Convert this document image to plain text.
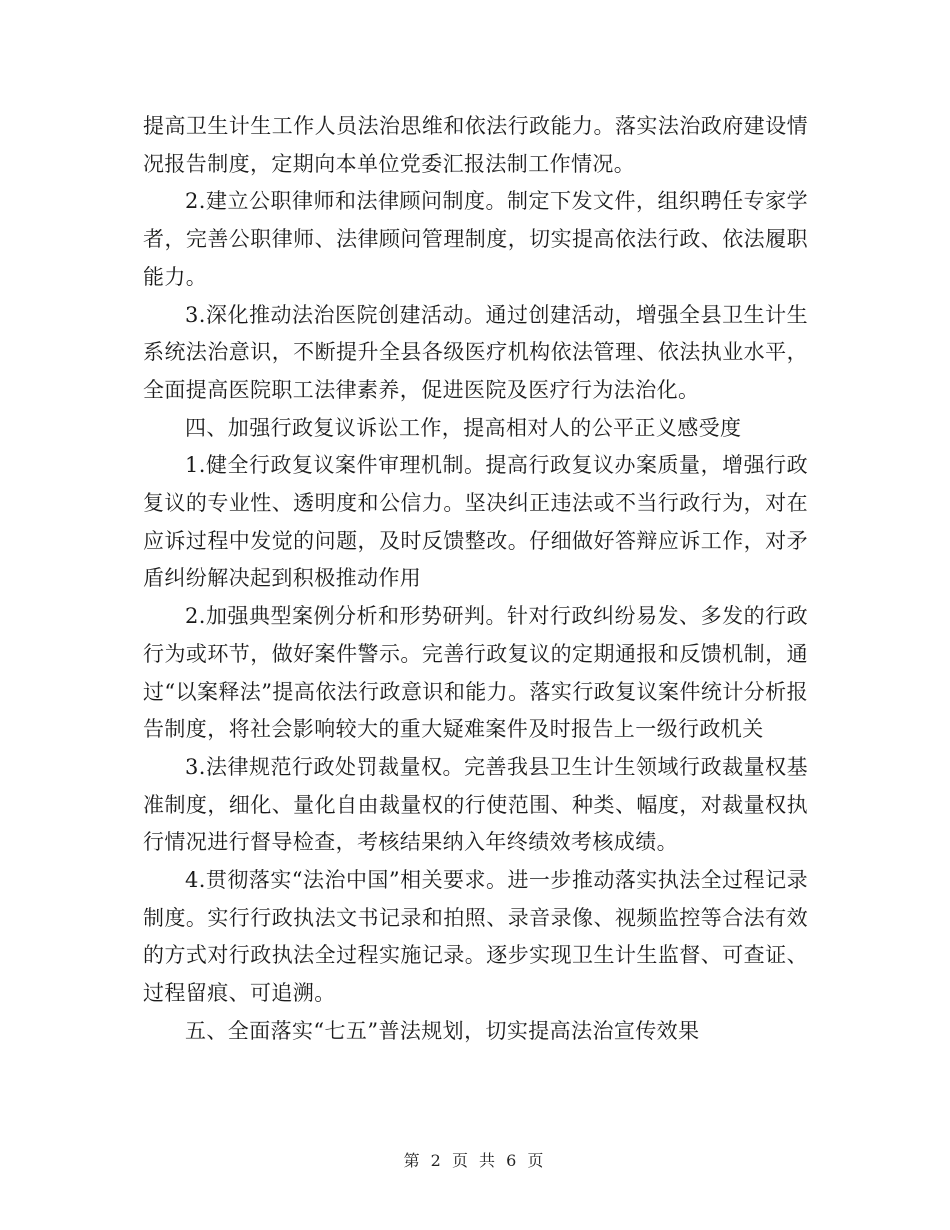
提高卫生计生工作人员法治思维和依法行政能力。落实法治政府建设情况报告制度，定期向本单位党委汇报法制工作情况。

2.建立公职律师和法律顾问制度。制定下发文件，组织聘任专家学者，完善公职律师、法律顾问管理制度，切实提高依法行政、依法履职能力。

3.深化推动法治医院创建活动。通过创建活动，增强全县卫生计生系统法治意识，不断提升全县各级医疗机构依法管理、依法执业水平，全面提高医院职工法律素养，促进医院及医疗行为法治化。

四、加强行政复议诉讼工作，提高相对人的公平正义感受度

1.健全行政复议案件审理机制。提高行政复议办案质量，增强行政复议的专业性、透明度和公信力。坚决纠正违法或不当行政行为，对在应诉过程中发觉的问题，及时反馈整改。仔细做好答辩应诉工作，对矛盾纠纷解决起到积极推动作用

2.加强典型案例分析和形势研判。针对行政纠纷易发、多发的行政行为或环节，做好案件警示。完善行政复议的定期通报和反馈机制，通过“以案释法”提高依法行政意识和能力。落实行政复议案件统计分析报告制度，将社会影响较大的重大疑难案件及时报告上一级行政机关

3.法律规范行政处罚裁量权。完善我县卫生计生领域行政裁量权基准制度，细化、量化自由裁量权的行使范围、种类、幅度，对裁量权执行情况进行督导检查，考核结果纳入年终绩效考核成绩。

4.贯彻落实“法治中国”相关要求。进一步推动落实执法全过程记录制度。实行行政执法文书记录和拍照、录音录像、视频监控等合法有效的方式对行政执法全过程实施记录。逐步实现卫生计生监督、可查证、过程留痕、可追溯。

五、全面落实“七五”普法规划，切实提高法治宣传效果

第 2 页 共 6 页
